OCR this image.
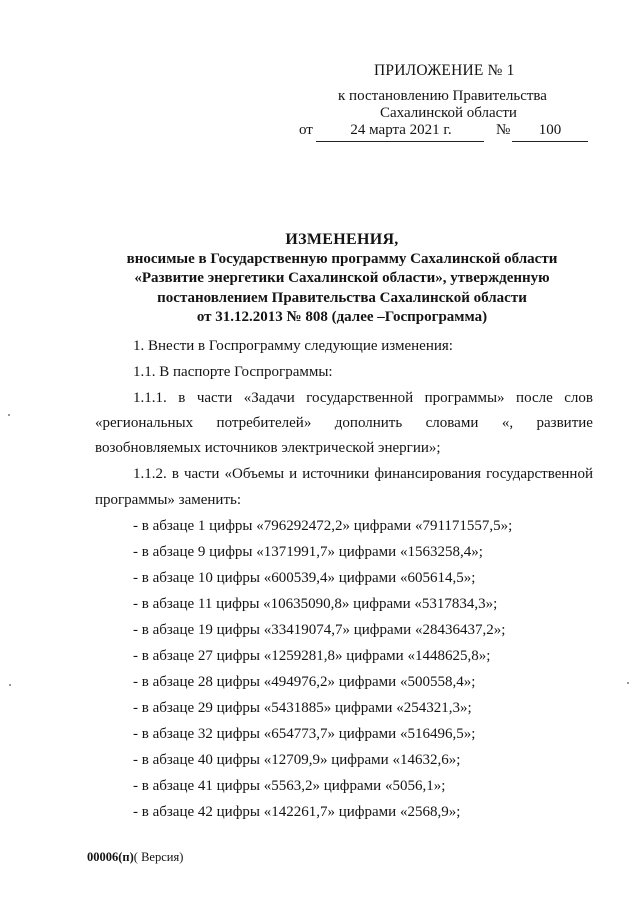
ПРИЛОЖЕНИЕ № 1
к постановлению Правительства
Сахалинской области
от	24 марта 2021 г.	№	100
ИЗМЕНЕНИЯ,
вносимые в Государственную программу Сахалинской области
«Развитие энергетики Сахалинской области», утвержденную
постановлением Правительства Сахалинской области
от 31.12.2013 № 808 (далее –Госпрограмма)
1. Внести в Госпрограмму следующие изменения:
1.1. В паспорте Госпрограммы:
1.1.1. в части «Задачи государственной программы» после слов
«региональных потребителей» дополнить словами «, развитие
возобновляемых источников электрической энергии»;
1.1.2. в части «Объемы и источники финансирования государственной
программы» заменить:
- в абзаце 1 цифры «796292472,2» цифрами «791171557,5»;
- в абзаце 9 цифры «1371991,7» цифрами «1563258,4»;
- в абзаце 10 цифры «600539,4» цифрами «605614,5»;
- в абзаце 11 цифры «10635090,8» цифрами «5317834,3»;
- в абзаце 19 цифры «33419074,7» цифрами «28436437,2»;
- в абзаце 27 цифры «1259281,8» цифрами «1448625,8»;
- в абзаце 28 цифры «494976,2» цифрами «500558,4»;
- в абзаце 29 цифры «5431885» цифрами «254321,3»;
- в абзаце 32 цифры «654773,7» цифрами «516496,5»;
- в абзаце 40 цифры «12709,9» цифрами «14632,6»;
- в абзаце 41 цифры «5563,2» цифрами «5056,1»;
- в абзаце 42 цифры «142261,7» цифрами «2568,9»;
00006(п)( Версия)
